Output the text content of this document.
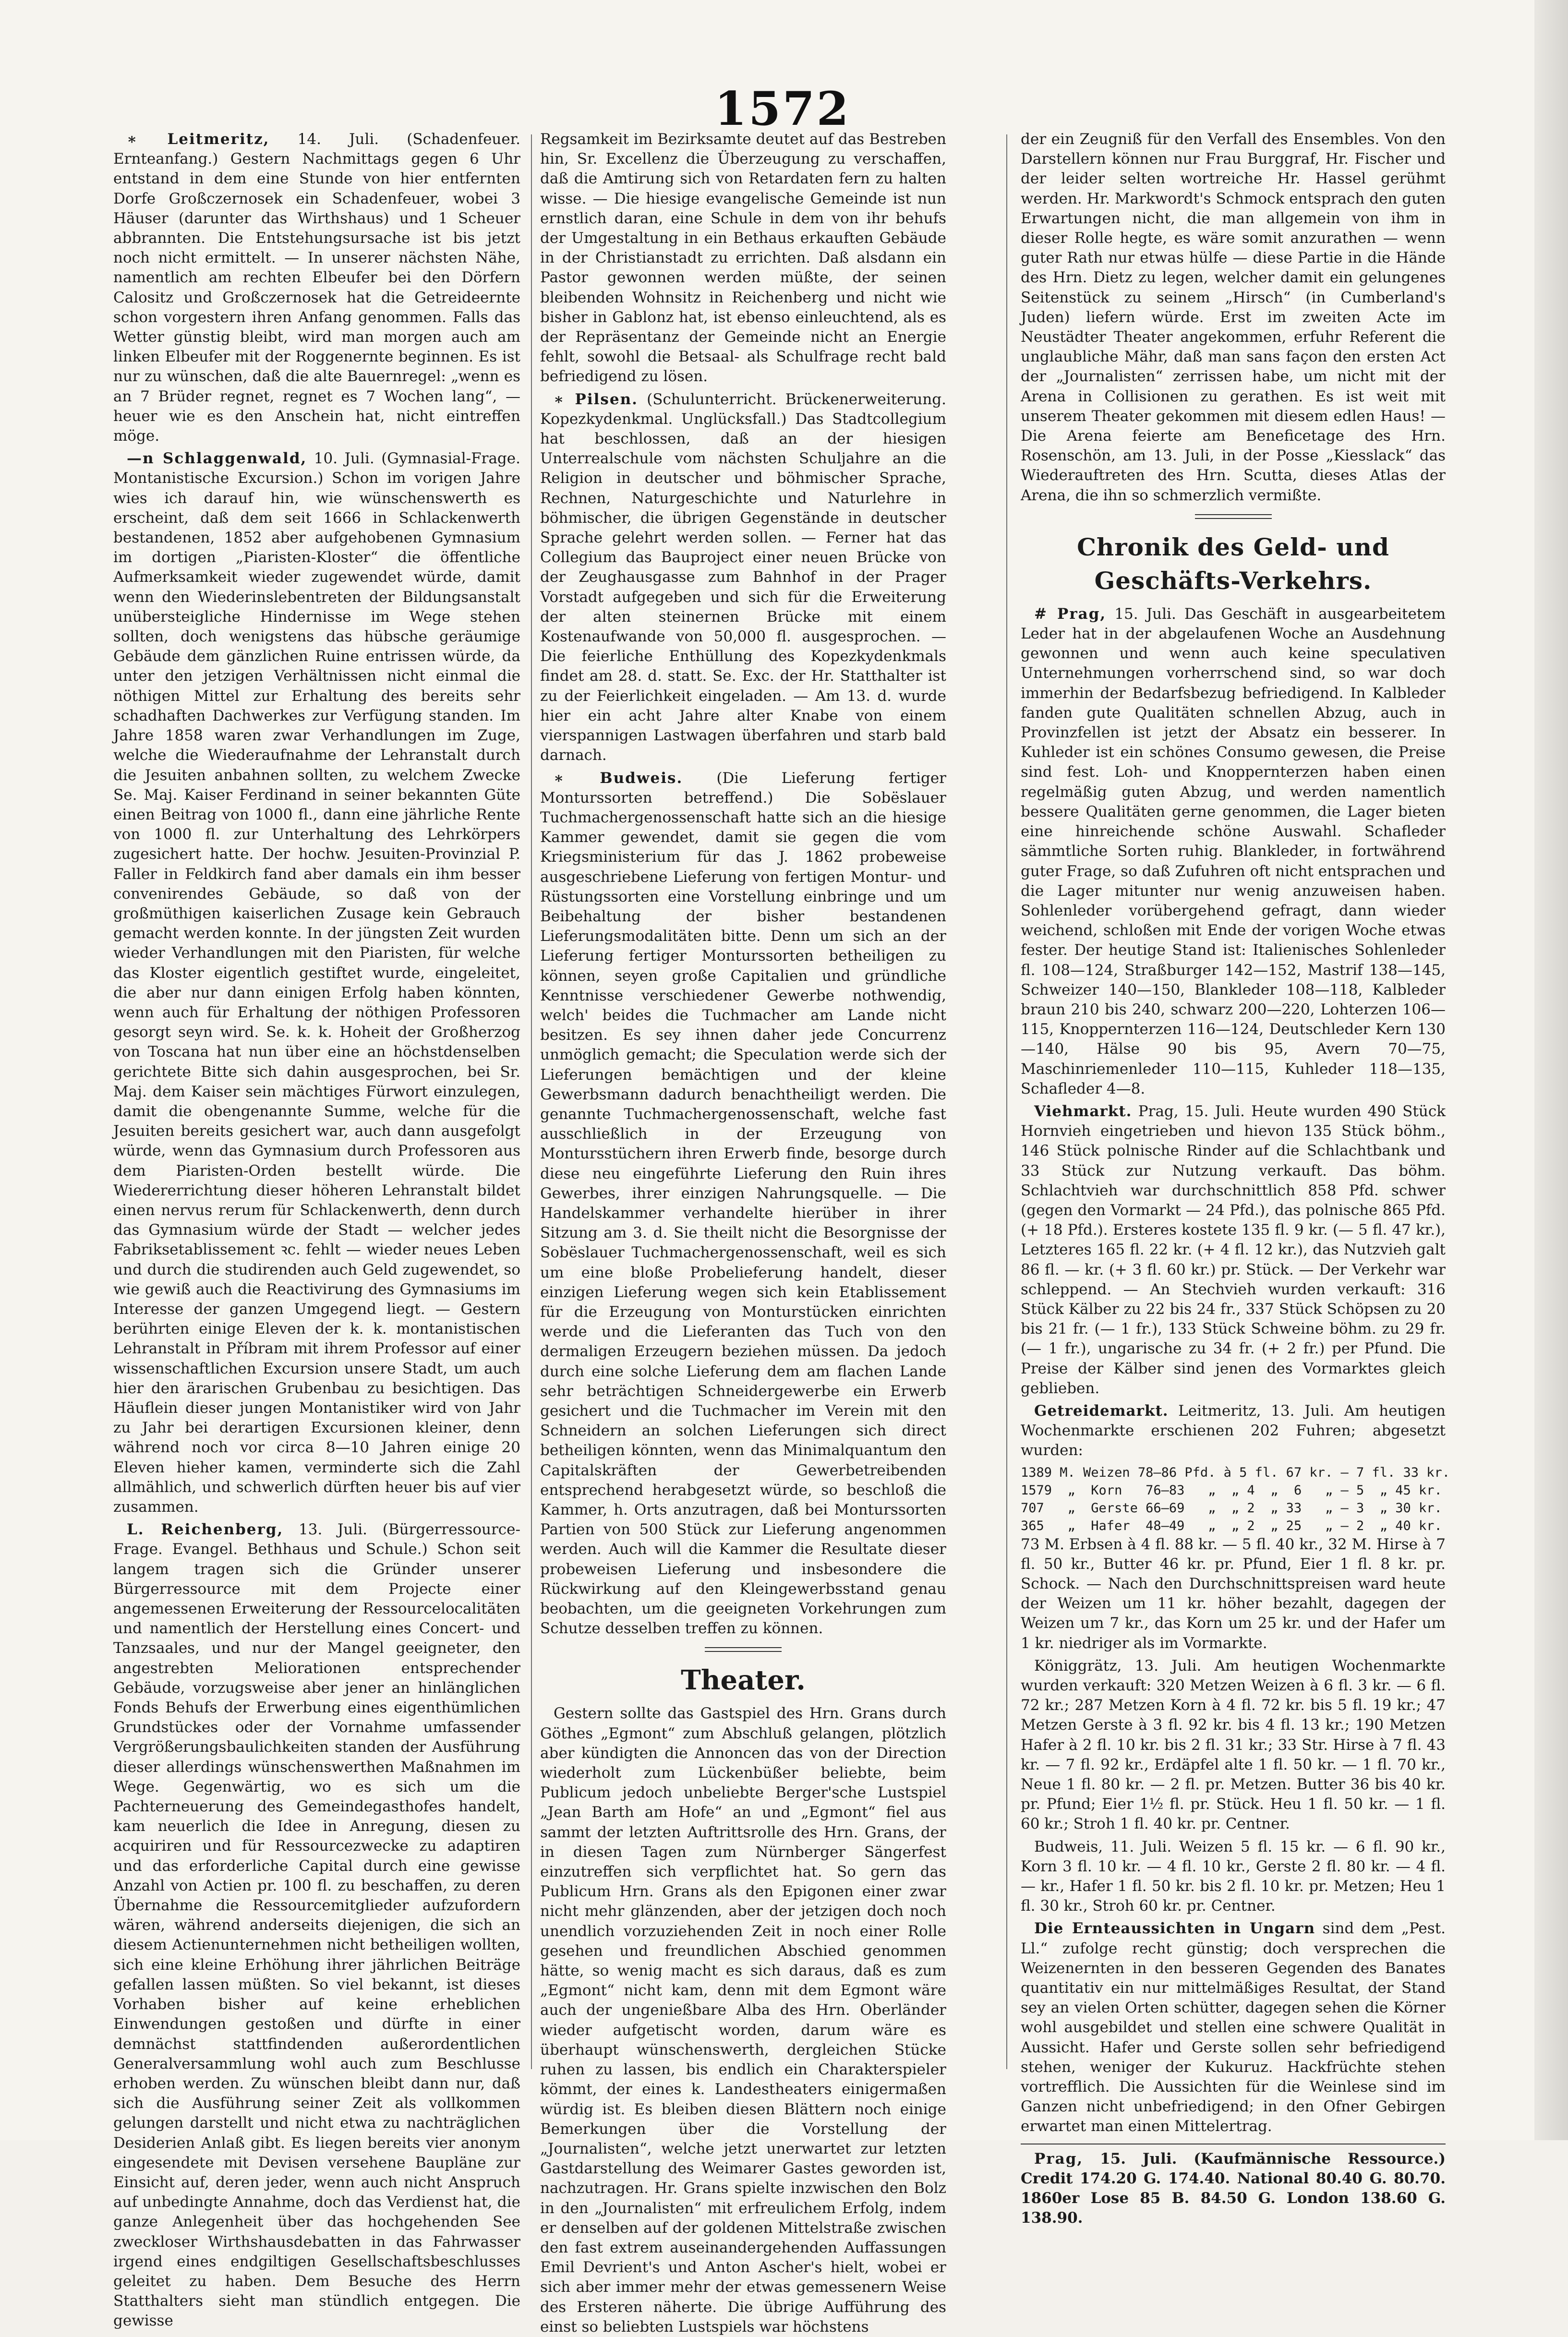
1572

∗ Leitmeritz, 14. Juli. (Schadenfeuer. Ernteanfang.) Gestern Nachmittags gegen 6 Uhr entstand in dem eine Stunde von hier entfernten Dorfe Großczernosek ein Schadenfeuer, wobei 3 Häuser (darunter das Wirthshaus) und 1 Scheuer abbrannten. Die Entstehungsursache ist bis jetzt noch nicht ermittelt. — In unserer nächsten Nähe, namentlich am rechten Elbeufer bei den Dörfern Calositz und Großczernosek hat die Getreideernte schon vorgestern ihren Anfang genommen. Falls das Wetter günstig bleibt, wird man morgen auch am linken Elbeufer mit der Roggenernte beginnen. Es ist nur zu wünschen, daß die alte Bauernregel: „wenn es an 7 Brüder regnet, regnet es 7 Wochen lang“, — heuer wie es den Anschein hat, nicht eintreffen möge.

—n Schlaggenwald, 10. Juli. (Gymnasial-Frage. Montanistische Excursion.) Schon im vorigen Jahre wies ich darauf hin, wie wünschenswerth es erscheint, daß dem seit 1666 in Schlackenwerth bestandenen, 1852 aber aufgehobenen Gymnasium im dortigen „Piaristen-Kloster“ die öffentliche Aufmerksamkeit wieder zugewendet würde, damit wenn den Wiederinslebentreten der Bildungsanstalt unübersteigliche Hindernisse im Wege stehen sollten, doch wenigstens das hübsche geräumige Gebäude dem gänzlichen Ruine entrissen würde, da unter den jetzigen Verhältnissen nicht einmal die nöthigen Mittel zur Erhaltung des bereits sehr schadhaften Dachwerkes zur Verfügung standen. Im Jahre 1858 waren zwar Verhandlungen im Zuge, welche die Wiederaufnahme der Lehranstalt durch die Jesuiten anbahnen sollten, zu welchem Zwecke Se. Maj. Kaiser Ferdinand in seiner bekannten Güte einen Beitrag von 1000 fl., dann eine jährliche Rente von 1000 fl. zur Unterhaltung des Lehrkörpers zugesichert hatte. Der hochw. Jesuiten-Provinzial P. Faller in Feldkirch fand aber damals ein ihm besser convenirendes Gebäude, so daß von der großmüthigen kaiserlichen Zusage kein Gebrauch gemacht werden konnte. In der jüngsten Zeit wurden wieder Verhandlungen mit den Piaristen, für welche das Kloster eigentlich gestiftet wurde, eingeleitet, die aber nur dann einigen Erfolg haben könnten, wenn auch für Erhaltung der nöthigen Professoren gesorgt seyn wird. Se. k. k. Hoheit der Großherzog von Toscana hat nun über eine an höchstdenselben gerichtete Bitte sich dahin ausgesprochen, bei Sr. Maj. dem Kaiser sein mächtiges Fürwort einzulegen, damit die obengenannte Summe, welche für die Jesuiten bereits gesichert war, auch dann ausgefolgt würde, wenn das Gymnasium durch Professoren aus dem Piaristen-Orden bestellt würde. Die Wiedererrichtung dieser höheren Lehranstalt bildet einen nervus rerum für Schlackenwerth, denn durch das Gymnasium würde der Stadt — welcher jedes Fabriksetablissement ꝛc. fehlt — wieder neues Leben und durch die studirenden auch Geld zugewendet, so wie gewiß auch die Reactivirung des Gymnasiums im Interesse der ganzen Umgegend liegt. — Gestern berührten einige Eleven der k. k. montanistischen Lehranstalt in Příbram mit ihrem Professor auf einer wissenschaftlichen Excursion unsere Stadt, um auch hier den ärarischen Grubenbau zu besichtigen. Das Häuflein dieser jungen Montanistiker wird von Jahr zu Jahr bei derartigen Excursionen kleiner, denn während noch vor circa 8—10 Jahren einige 20 Eleven hieher kamen, verminderte sich die Zahl allmählich, und schwerlich dürften heuer bis auf vier zusammen.

L. Reichenberg, 13. Juli. (Bürgerressource-Frage. Evangel. Bethhaus und Schule.) Schon seit langem tragen sich die Gründer unserer Bürgerressource mit dem Projecte einer angemessenen Erweiterung der Ressourcelocalitäten und namentlich der Herstellung eines Concert- und Tanzsaales, und nur der Mangel geeigneter, den angestrebten Meliorationen entsprechender Gebäude, vorzugsweise aber jener an hinlänglichen Fonds Behufs der Erwerbung eines eigenthümlichen Grundstückes oder der Vornahme umfassender Vergrößerungsbaulichkeiten standen der Ausführung dieser allerdings wünschenswerthen Maßnahmen im Wege. Gegenwärtig, wo es sich um die Pachterneuerung des Gemeindegasthofes handelt, kam neuerlich die Idee in Anregung, diesen zu acquiriren und für Ressourcezwecke zu adaptiren und das erforderliche Capital durch eine gewisse Anzahl von Actien pr. 100 fl. zu beschaffen, zu deren Übernahme die Ressourcemitglieder aufzufordern wären, während anderseits diejenigen, die sich an diesem Actienunternehmen nicht betheiligen wollten, sich eine kleine Erhöhung ihrer jährlichen Beiträge gefallen lassen müßten. So viel bekannt, ist dieses Vorhaben bisher auf keine erheblichen Einwendungen gestoßen und dürfte in einer demnächst stattfindenden außerordentlichen Generalversammlung wohl auch zum Beschlusse erhoben werden. Zu wünschen bleibt dann nur, daß sich die Ausführung seiner Zeit als vollkommen gelungen darstellt und nicht etwa zu nachträglichen Desiderien Anlaß gibt. Es liegen bereits vier anonym eingesendete mit Devisen versehene Baupläne zur Einsicht auf, deren jeder, wenn auch nicht Anspruch auf unbedingte Annahme, doch das Verdienst hat, die ganze Anlegenheit über das hochgehenden See zweckloser Wirthshausdebatten in das Fahrwasser irgend eines endgiltigen Gesellschaftsbeschlusses geleitet zu haben. Dem Besuche des Herrn Statthalters sieht man stündlich entgegen. Die gewisse

Regsamkeit im Bezirksamte deutet auf das Bestreben hin, Sr. Excellenz die Überzeugung zu verschaffen, daß die Amtirung sich von Retardaten fern zu halten wisse. — Die hiesige evangelische Gemeinde ist nun ernstlich daran, eine Schule in dem von ihr behufs der Umgestaltung in ein Bethaus erkauften Gebäude in der Christianstadt zu errichten. Daß alsdann ein Pastor gewonnen werden müßte, der seinen bleibenden Wohnsitz in Reichenberg und nicht wie bisher in Gablonz hat, ist ebenso einleuchtend, als es der Repräsentanz der Gemeinde nicht an Energie fehlt, sowohl die Betsaal- als Schulfrage recht bald befriedigend zu lösen.

∗ Pilsen. (Schulunterricht. Brückenerweiterung. Kopezkydenkmal. Unglücksfall.) Das Stadtcollegium hat beschlossen, daß an der hiesigen Unterrealschule vom nächsten Schuljahre an die Religion in deutscher und böhmischer Sprache, Rechnen, Naturgeschichte und Naturlehre in böhmischer, die übrigen Gegenstände in deutscher Sprache gelehrt werden sollen. — Ferner hat das Collegium das Bauproject einer neuen Brücke von der Zeughausgasse zum Bahnhof in der Prager Vorstadt aufgegeben und sich für die Erweiterung der alten steinernen Brücke mit einem Kostenaufwande von 50,000 fl. ausgesprochen. — Die feierliche Enthüllung des Kopezkydenkmals findet am 28. d. statt. Se. Exc. der Hr. Statthalter ist zu der Feierlichkeit eingeladen. — Am 13. d. wurde hier ein acht Jahre alter Knabe von einem vierspannigen Lastwagen überfahren und starb bald darnach.

∗ Budweis. (Die Lieferung fertiger Monturssorten betreffend.) Die Sobëslauer Tuchmachergenossenschaft hatte sich an die hiesige Kammer gewendet, damit sie gegen die vom Kriegsministerium für das J. 1862 probeweise ausgeschriebene Lieferung von fertigen Montur- und Rüstungssorten eine Vorstellung einbringe und um Beibehaltung der bisher bestandenen Lieferungsmodalitäten bitte. Denn um sich an der Lieferung fertiger Monturssorten betheiligen zu können, seyen große Capitalien und gründliche Kenntnisse verschiedener Gewerbe nothwendig, welch' beides die Tuchmacher am Lande nicht besitzen. Es sey ihnen daher jede Concurrenz unmöglich gemacht; die Speculation werde sich der Lieferungen bemächtigen und der kleine Gewerbsmann dadurch benachtheiligt werden. Die genannte Tuchmachergenossenschaft, welche fast ausschließlich in der Erzeugung von Montursstüchern ihren Erwerb finde, besorge durch diese neu eingeführte Lieferung den Ruin ihres Gewerbes, ihrer einzigen Nahrungsquelle. — Die Handelskammer verhandelte hierüber in ihrer Sitzung am 3. d. Sie theilt nicht die Besorgnisse der Sobëslauer Tuchmachergenossenschaft, weil es sich um eine bloße Probelieferung handelt, dieser einzigen Lieferung wegen sich kein Etablissement für die Erzeugung von Monturstücken einrichten werde und die Lieferanten das Tuch von den dermaligen Erzeugern beziehen müssen. Da jedoch durch eine solche Lieferung dem am flachen Lande sehr beträchtigen Schneidergewerbe ein Erwerb gesichert und die Tuchmacher im Verein mit den Schneidern an solchen Lieferungen sich direct betheiligen könnten, wenn das Minimalquantum den Capitalskräften der Gewerbetreibenden entsprechend herabgesetzt würde, so beschloß die Kammer, h. Orts anzutragen, daß bei Monturssorten Partien von 500 Stück zur Lieferung angenommen werden. Auch will die Kammer die Resultate dieser probeweisen Lieferung und insbesondere die Rückwirkung auf den Kleingewerbsstand genau beobachten, um die geeigneten Vorkehrungen zum Schutze desselben treffen zu können.

Theater.

Gestern sollte das Gastspiel des Hrn. Grans durch Göthes „Egmont“ zum Abschluß gelangen, plötzlich aber kündigten die Annoncen das von der Direction wiederholt zum Lückenbüßer beliebte, beim Publicum jedoch unbeliebte Berger'sche Lustspiel „Jean Barth am Hofe“ an und „Egmont“ fiel aus sammt der letzten Auftrittsrolle des Hrn. Grans, der in diesen Tagen zum Nürnberger Sängerfest einzutreffen sich verpflichtet hat. So gern das Publicum Hrn. Grans als den Epigonen einer zwar nicht mehr glänzenden, aber der jetzigen doch noch unendlich vorzuziehenden Zeit in noch einer Rolle gesehen und freundlichen Abschied genommen hätte, so wenig macht es sich daraus, daß es zum „Egmont“ nicht kam, denn mit dem Egmont wäre auch der ungenießbare Alba des Hrn. Oberländer wieder aufgetischt worden, darum wäre es überhaupt wünschenswerth, dergleichen Stücke ruhen zu lassen, bis endlich ein Charakterspieler kömmt, der eines k. Landestheaters einigermaßen würdig ist. Es bleiben diesen Blättern noch einige Bemerkungen über die Vorstellung der „Journalisten“, welche jetzt unerwartet zur letzten Gastdarstellung des Weimarer Gastes geworden ist, nachzutragen. Hr. Grans spielte inzwischen den Bolz in den „Journalisten“ mit erfreulichem Erfolg, indem er denselben auf der goldenen Mittelstraße zwischen den fast extrem auseinandergehenden Auffassungen Emil Devrient's und Anton Ascher's hielt, wobei er sich aber immer mehr der etwas gemessenern Weise des Ersteren näherte. Die übrige Aufführung des einst so beliebten Lustspiels war höchstens

der ein Zeugniß für den Verfall des Ensembles. Von den Darstellern können nur Frau Burggraf, Hr. Fischer und der leider selten wortreiche Hr. Hassel gerühmt werden. Hr. Markwordt's Schmock entsprach den guten Erwartungen nicht, die man allgemein von ihm in dieser Rolle hegte, es wäre somit anzurathen — wenn guter Rath nur etwas hülfe — diese Partie in die Hände des Hrn. Dietz zu legen, welcher damit ein gelungenes Seitenstück zu seinem „Hirsch“ (in Cumberland's Juden) liefern würde. Erst im zweiten Acte im Neustädter Theater angekommen, erfuhr Referent die unglaubliche Mähr, daß man sans façon den ersten Act der „Journalisten“ zerrissen habe, um nicht mit der Arena in Collisionen zu gerathen. Es ist weit mit unserem Theater gekommen mit diesem edlen Haus! — Die Arena feierte am Beneficetage des Hrn. Rosenschön, am 13. Juli, in der Posse „Kiesslack“ das Wiederauftreten des Hrn. Scutta, dieses Atlas der Arena, die ihn so schmerzlich vermißte.

Chronik des Geld- und Geschäfts-Verkehrs.

# Prag, 15. Juli. Das Geschäft in ausgearbeitetem Leder hat in der abgelaufenen Woche an Ausdehnung gewonnen und wenn auch keine speculativen Unternehmungen vorherrschend sind, so war doch immerhin der Bedarfsbezug befriedigend. In Kalbleder fanden gute Qualitäten schnellen Abzug, auch in Provinzfellen ist jetzt der Absatz ein besserer. In Kuhleder ist ein schönes Consumo gewesen, die Preise sind fest. Loh- und Knoppernterzen haben einen regelmäßig guten Abzug, und werden namentlich bessere Qualitäten gerne genommen, die Lager bieten eine hinreichende schöne Auswahl. Schafleder sämmtliche Sorten ruhig. Blankleder, in fortwährend guter Frage, so daß Zufuhren oft nicht entsprachen und die Lager mitunter nur wenig anzuweisen haben. Sohlenleder vorübergehend gefragt, dann wieder weichend, schloßen mit Ende der vorigen Woche etwas fester. Der heutige Stand ist: Italienisches Sohlenleder fl. 108—124, Straßburger 142—152, Mastrif 138—145, Schweizer 140—150, Blankleder 108—118, Kalbleder braun 210 bis 240, schwarz 200—220, Lohterzen 106—115, Knoppernterzen 116—124, Deutschleder Kern 130—140, Hälse 90 bis 95, Avern 70—75, Maschinriemenleder 110—115, Kuhleder 118—135, Schafleder 4—8.

Viehmarkt. Prag, 15. Juli. Heute wurden 490 Stück Hornvieh eingetrieben und hievon 135 Stück böhm., 146 Stück polnische Rinder auf die Schlachtbank und 33 Stück zur Nutzung verkauft. Das böhm. Schlachtvieh war durchschnittlich 858 Pfd. schwer (gegen den Vormarkt — 24 Pfd.), das polnische 865 Pfd. (+ 18 Pfd.). Ersteres kostete 135 fl. 9 kr. (— 5 fl. 47 kr.), Letzteres 165 fl. 22 kr. (+ 4 fl. 12 kr.), das Nutzvieh galt 86 fl. — kr. (+ 3 fl. 60 kr.) pr. Stück. — Der Verkehr war schleppend. — An Stechvieh wurden verkauft: 316 Stück Kälber zu 22 bis 24 fr., 337 Stück Schöpsen zu 20 bis 21 fr. (— 1 fr.), 133 Stück Schweine böhm. zu 29 fr. (— 1 fr.), ungarische zu 34 fr. (+ 2 fr.) per Pfund. Die Preise der Kälber sind jenen des Vormarktes gleich geblieben.

Getreidemarkt. Leitmeritz, 13. Juli. Am heutigen Wochenmarkte erschienen 202 Fuhren; abgesetzt wurden:

1389 M. Weizen 78—86 Pfd. à 5 fl. 67 kr. — 7 fl. 33 kr.
1579  „  Korn   76—83   „  „ 4  „  6   „ — 5  „ 45 kr.
707   „  Gerste 66—69   „  „ 2  „ 33   „ — 3  „ 30 kr.
365   „  Hafer  48—49   „  „ 2  „ 25   „ — 2  „ 40 kr.

73 M. Erbsen à 4 fl. 88 kr. — 5 fl. 40 kr., 32 M. Hirse à 7 fl. 50 kr., Butter 46 kr. pr. Pfund, Eier 1 fl. 8 kr. pr. Schock. — Nach den Durchschnittspreisen ward heute der Weizen um 11 kr. höher bezahlt, dagegen der Weizen um 7 kr., das Korn um 25 kr. und der Hafer um 1 kr. niedriger als im Vormarkte.

Königgrätz, 13. Juli. Am heutigen Wochenmarkte wurden verkauft: 320 Metzen Weizen à 6 fl. 3 kr. — 6 fl. 72 kr.; 287 Metzen Korn à 4 fl. 72 kr. bis 5 fl. 19 kr.; 47 Metzen Gerste à 3 fl. 92 kr. bis 4 fl. 13 kr.; 190 Metzen Hafer à 2 fl. 10 kr. bis 2 fl. 31 kr.; 33 Str. Hirse à 7 fl. 43 kr. — 7 fl. 92 kr., Erdäpfel alte 1 fl. 50 kr. — 1 fl. 70 kr., Neue 1 fl. 80 kr. — 2 fl. pr. Metzen. Butter 36 bis 40 kr. pr. Pfund; Eier 1½ fl. pr. Stück. Heu 1 fl. 50 kr. — 1 fl. 60 kr.; Stroh 1 fl. 40 kr. pr. Centner.

Budweis, 11. Juli. Weizen 5 fl. 15 kr. — 6 fl. 90 kr., Korn 3 fl. 10 kr. — 4 fl. 10 kr., Gerste 2 fl. 80 kr. — 4 fl. — kr., Hafer 1 fl. 50 kr. bis 2 fl. 10 kr. pr. Metzen; Heu 1 fl. 30 kr., Stroh 60 kr. pr. Centner.

Die Ernteaussichten in Ungarn sind dem „Pest. Ll.“ zufolge recht günstig; doch versprechen die Weizenernten in den besseren Gegenden des Banates quantitativ ein nur mittelmäßiges Resultat, der Stand sey an vielen Orten schütter, dagegen sehen die Körner wohl ausgebildet und stellen eine schwere Qualität in Aussicht. Hafer und Gerste sollen sehr befriedigend stehen, weniger der Kukuruz. Hackfrüchte stehen vortrefflich. Die Aussichten für die Weinlese sind im Ganzen nicht unbefriedigend; in den Ofner Gebirgen erwartet man einen Mittelertrag.

Prag, 15. Juli. (Kaufmännische Ressource.) Credit 174.20 G. 174.40. National 80.40 G. 80.70. 1860er Lose 85 B. 84.50 G. London 138.60 G. 138.90.
